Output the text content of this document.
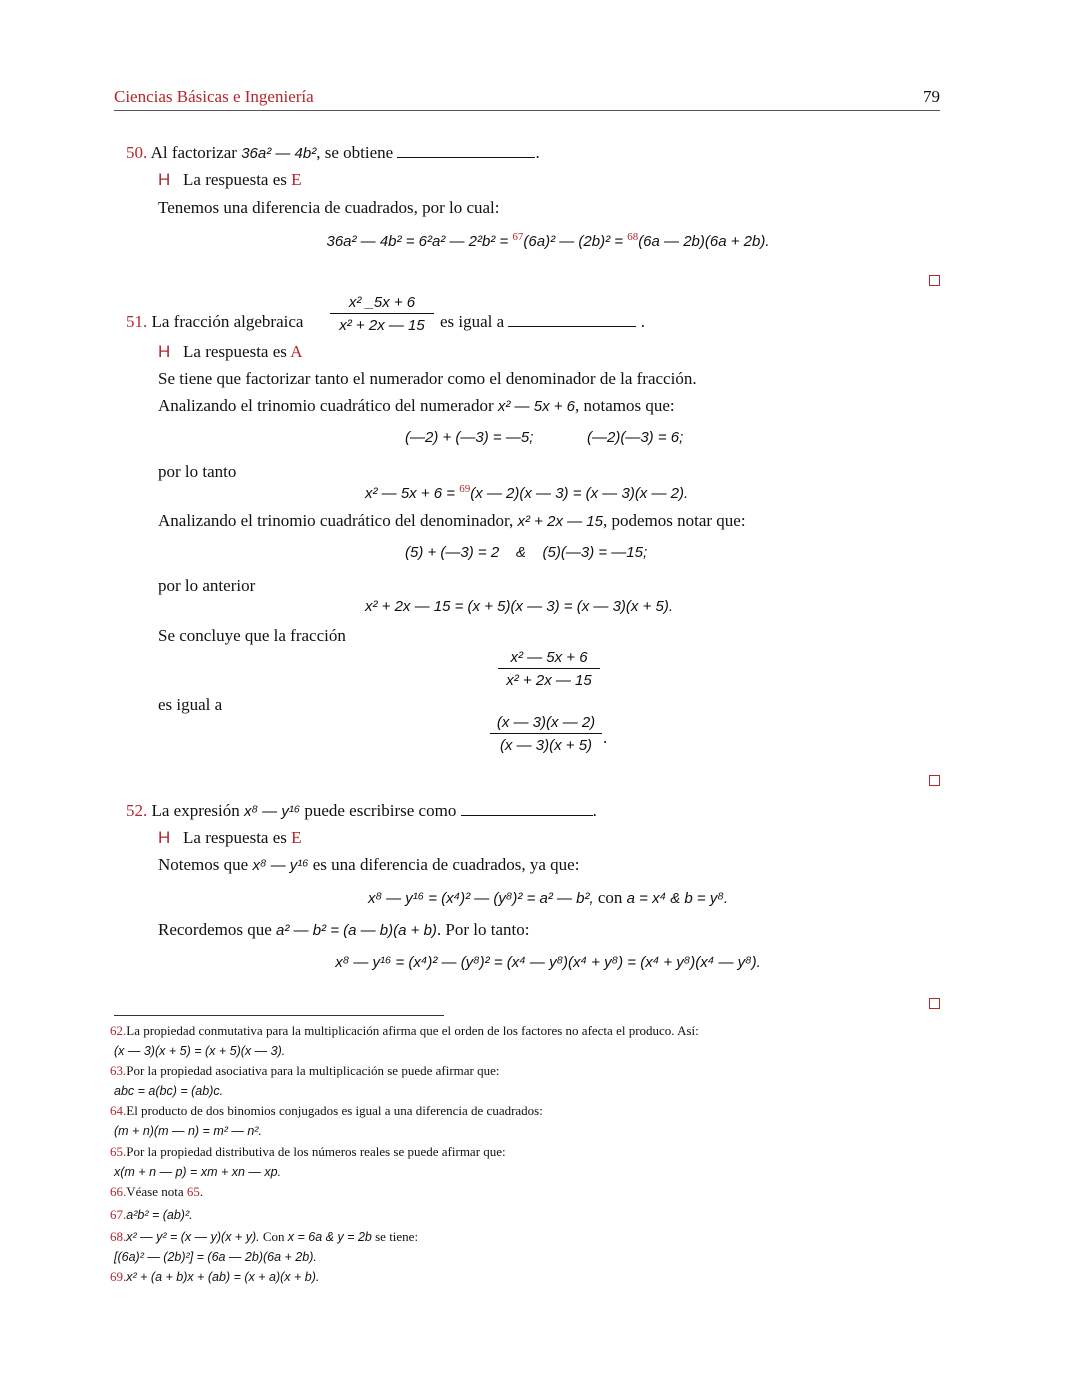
Ciencias Básicas e Ingeniería	79
50. Al factorizar 36a² — 4b², se obtiene	.
H La respuesta es E
Tenemos una diferencia de cuadrados, por lo cual:
36a² — 4b² = 6²a² — 2²b² = $^{67}$(6a)² — (2b)² = $^{68}$(6a — 2b)(6a + 2b).
51. La fracción algebraica $\frac{\text{x² \_5x + 6}}{\text{x² + 2x — 15}}$ es igual a	.
H La respuesta es A
Se tiene que factorizar tanto el numerador como el denominador de la fracción.
Analizando el trinomio cuadrático del numerador x² — 5x + 6, notamos que:
(—2) + (—3) = —5;	(—2)(—3) = 6;
por lo tanto
x² — 5x + 6 = $^{69}$(x — 2)(x — 3) = (x — 3)(x — 2).
Analizando el trinomio cuadrático del denominador, x² + 2x — 15, podemos notar que:
(5) + (—3) = 2    &    (5)(—3) = —15;
por lo anterior
x² + 2x — 15 = (x + 5)(x — 3) = (x — 3)(x + 5).
Se concluye que la fracción
$\frac{\text{x² — 5x + 6}}{\text{x² + 2x — 15}}$
es igual a
$\frac{(x — 3)(x — 2)}{(x — 3)(x + 5)}$ .
52. La expresión x⁸ — y¹⁶ puede escribirse como	.
H La respuesta es E
Notemos que x⁸ — y¹⁶ es una diferencia de cuadrados, ya que:
x⁸ — y¹⁶ = (x⁴)² — (y⁸)² = a² — b², con a = x⁴ & b = y⁸.
Recordemos que a² — b² = (a — b)(a + b). Por lo tanto:
x⁸ — y¹⁶ = (x⁴)² — (y⁸)² = (x⁴ — y⁸)(x⁴ + y⁸) = (x⁴ + y⁸)(x⁴ — y⁸).
62.La propiedad conmutativa para la multiplicación afirma que el orden de los factores no afecta el produco. Así:
(x — 3)(x + 5) = (x + 5)(x — 3).
63.Por la propiedad asociativa para la multiplicación se puede afirmar que:
abc = a(bc) = (ab)c.
64.El producto de dos binomios conjugados es igual a una diferencia de cuadrados:
(m + n)(m — n) = m² — n².
65.Por la propiedad distributiva de los números reales se puede afirmar que:
x(m + n — p) = xm + xn — xp.
66.Véase nota 65.
67.a²b² = (ab)².
68.x² — y² = (x — y)(x + y). Con x = 6a & y = 2b se tiene:
[(6a)² — (2b)²] = (6a — 2b)(6a + 2b).
69.x² + (a + b)x + (ab) = (x + a)(x + b).
